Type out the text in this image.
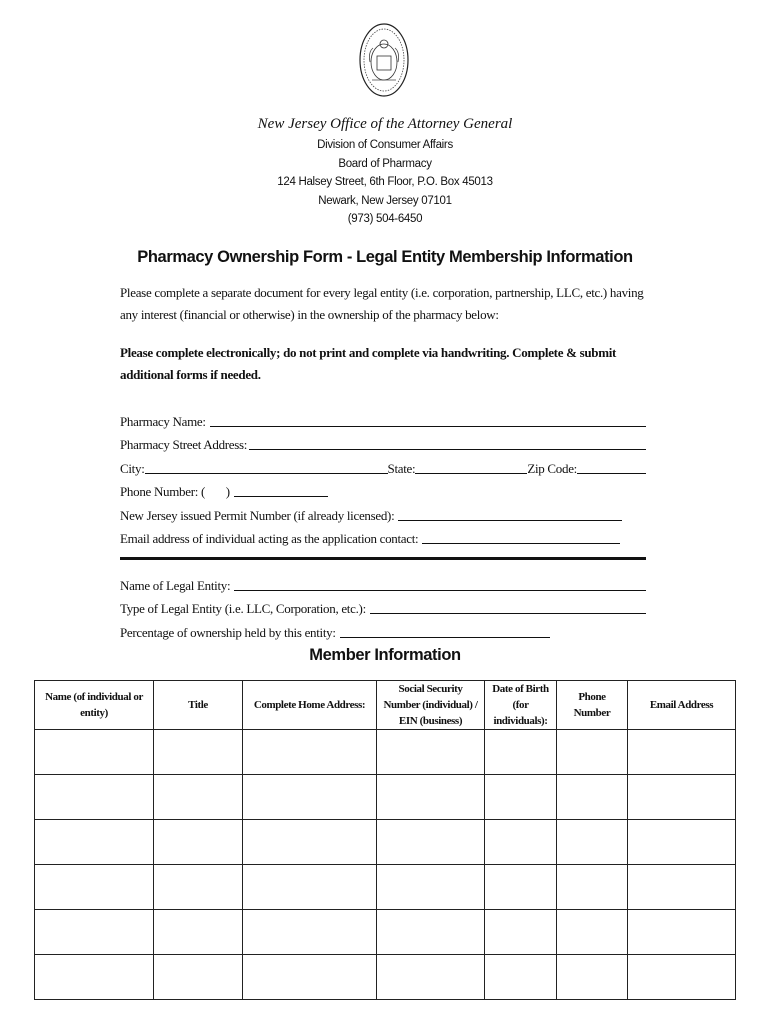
New Jersey Office of the Attorney General
Division of Consumer Affairs
Board of Pharmacy
124 Halsey Street, 6th Floor, P.O. Box 45013
Newark, New Jersey 07101
(973) 504-6450
Pharmacy Ownership Form - Legal Entity Membership Information
Please complete a separate document for every legal entity (i.e. corporation, partnership, LLC, etc.) having any interest (financial or otherwise) in the ownership of the pharmacy below:
Please complete electronically; do not print and complete via handwriting. Complete & submit additional forms if needed.
Pharmacy Name:
Pharmacy Street Address:
City:	State:	Zip Code:
Phone Number: (       )
New Jersey issued Permit Number (if already licensed):
Email address of individual acting as the application contact:
Name of Legal Entity:
Type of Legal Entity (i.e. LLC, Corporation, etc.):
Percentage of ownership held by this entity:
Member Information
Name (of individual or entity)	Title	Complete Home Address:	Social Security Number (individual) / EIN (business)	Date of Birth (for individuals):	Phone Number	Email Address
